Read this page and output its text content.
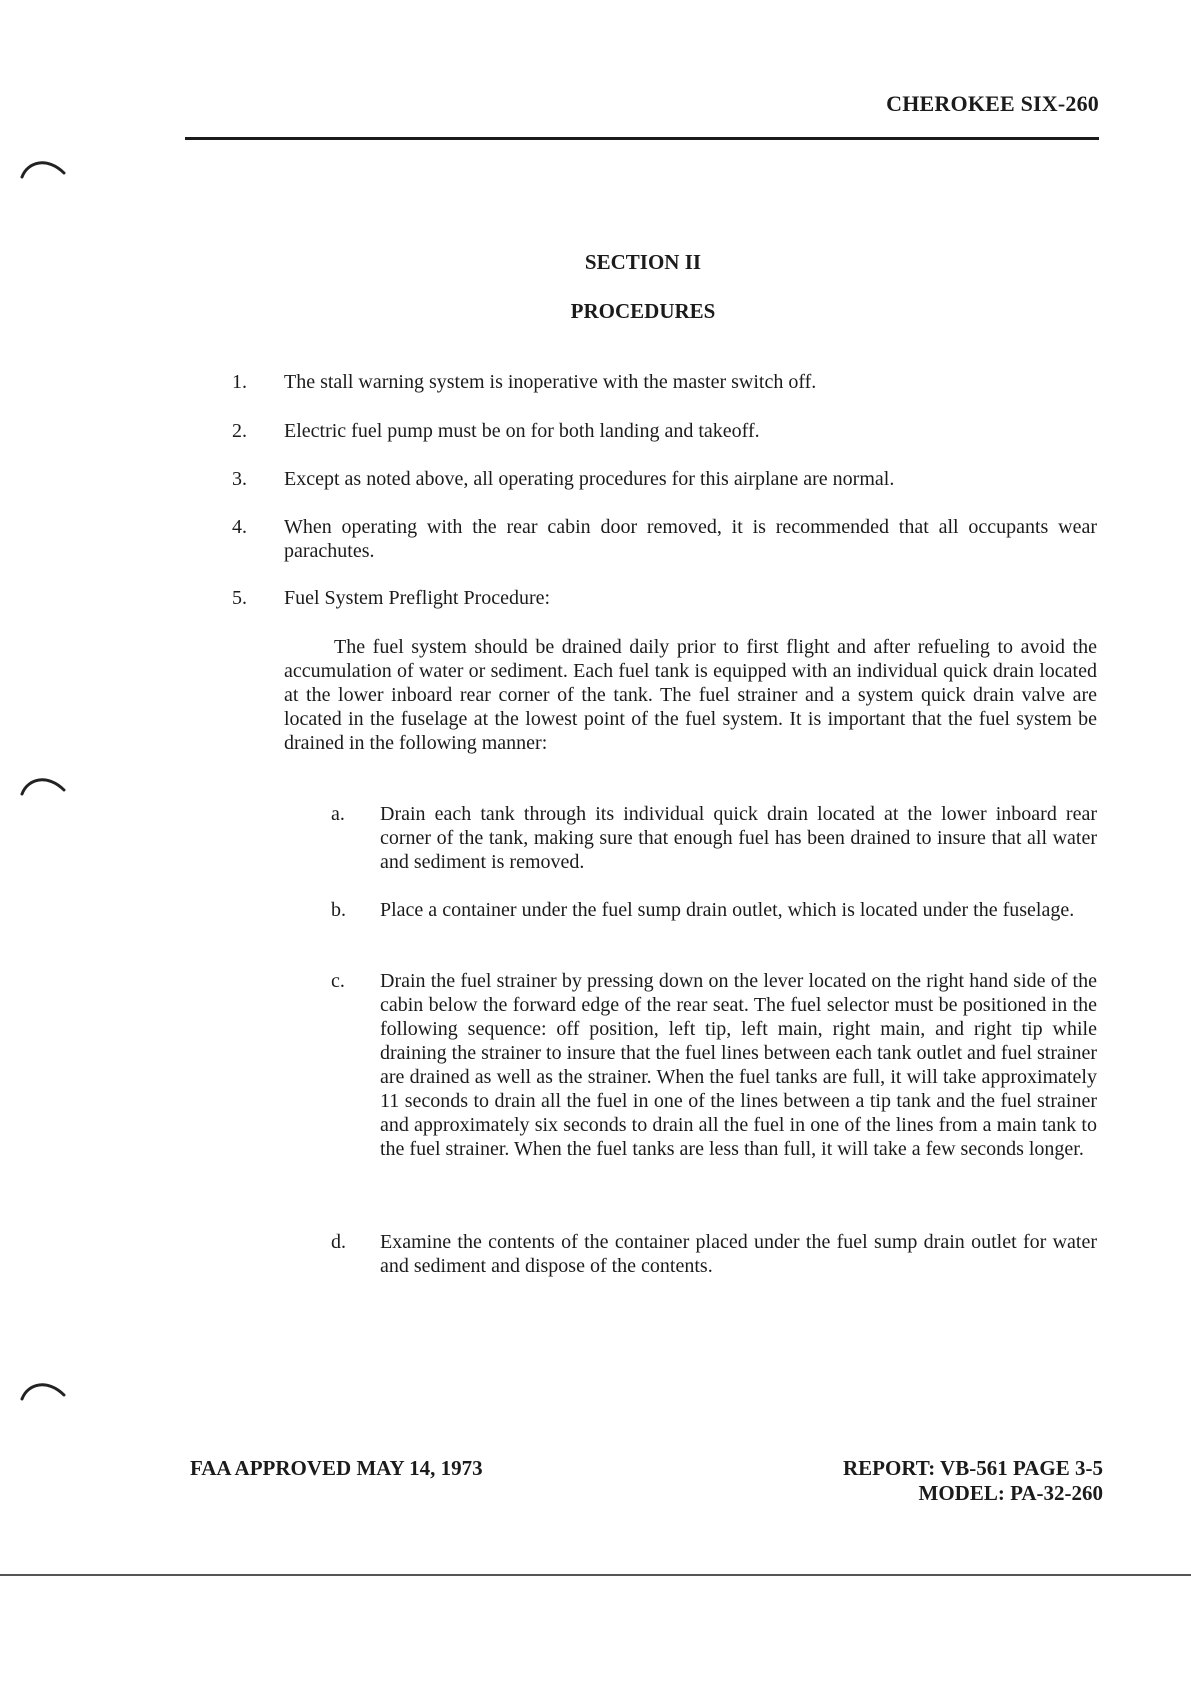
CHEROKEE SIX-260
SECTION II
PROCEDURES
1.	The stall warning system is inoperative with the master switch off.
2.	Electric fuel pump must be on for both landing and takeoff.
3.	Except as noted above, all operating procedures for this airplane are normal.
4.	When operating with the rear cabin door removed, it is recommended that all occupants wear parachutes.
5.	Fuel System Preflight Procedure:
The fuel system should be drained daily prior to first flight and after refueling to avoid the accumulation of water or sediment. Each fuel tank is equipped with an individual quick drain located at the lower inboard rear corner of the tank. The fuel strainer and a system quick drain valve are located in the fuselage at the lowest point of the fuel system. It is important that the fuel system be drained in the following manner:
a.	Drain each tank through its individual quick drain located at the lower inboard rear corner of the tank, making sure that enough fuel has been drained to insure that all water and sediment is removed.
b.	Place a container under the fuel sump drain outlet, which is located under the fuselage.
c.	Drain the fuel strainer by pressing down on the lever located on the right hand side of the cabin below the forward edge of the rear seat. The fuel selector must be positioned in the following sequence: off position, left tip, left main, right main, and right tip while draining the strainer to insure that the fuel lines between each tank outlet and fuel strainer are drained as well as the strainer. When the fuel tanks are full, it will take approximately 11 seconds to drain all the fuel in one of the lines between a tip tank and the fuel strainer and approximately six seconds to drain all the fuel in one of the lines from a main tank to the fuel strainer. When the fuel tanks are less than full, it will take a few seconds longer.
d.	Examine the contents of the container placed under the fuel sump drain outlet for water and sediment and dispose of the contents.
FAA APPROVED MAY 14, 1973	REPORT: VB-561 PAGE 3-5
MODEL: PA-32-260
